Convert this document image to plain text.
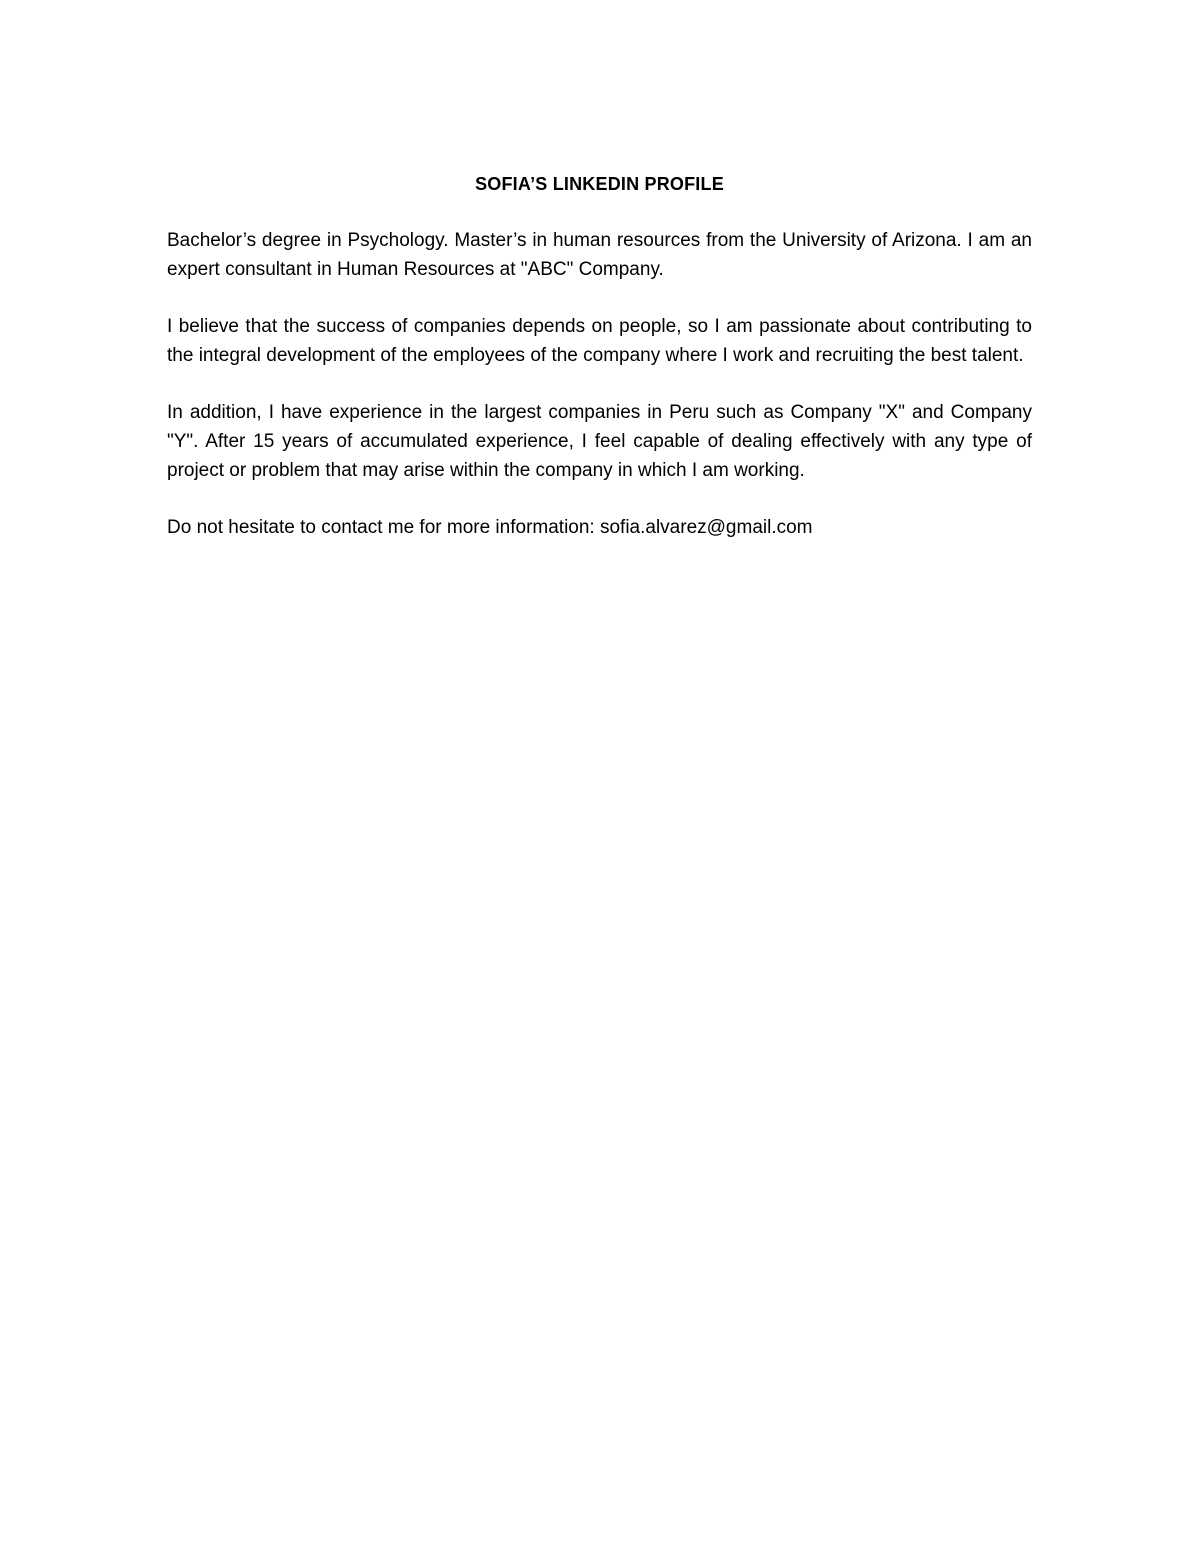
SOFIA’S LINKEDIN PROFILE

Bachelor’s degree in Psychology. Master’s in human resources from the University of Arizona. I am an expert consultant in Human Resources at "ABC" Company.

I believe that the success of companies depends on people, so I am passionate about contributing to the integral development of the employees of the company where I work and recruiting the best talent.

In addition, I have experience in the largest companies in Peru such as Company "X" and Company "Y". After 15 years of accumulated experience, I feel capable of dealing effectively with any type of project or problem that may arise within the company in which I am working.

Do not hesitate to contact me for more information: sofia.alvarez@gmail.com
